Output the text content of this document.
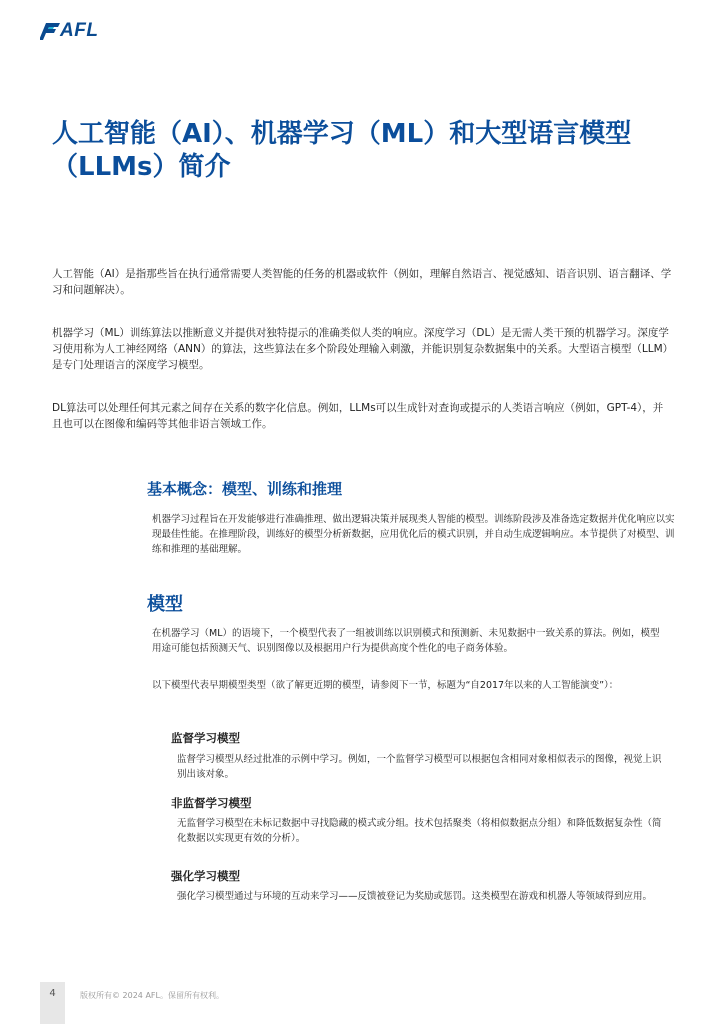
AFL
人工智能（AI）、机器学习（ML）和大型语言模型（LLMs）简介
人工智能（AI）是指那些旨在执行通常需要人类智能的任务的机器或软件（例如，理解自然语言、视觉感知、语音识别、语言翻译、学习和问题解决）。
机器学习（ML）训练算法以推断意义并提供对独特提示的准确类似人类的响应。深度学习（DL）是无需人类干预的机器学习。深度学习使用称为人工神经网络（ANN）的算法，这些算法在多个阶段处理输入刺激，并能识别复杂数据集中的关系。大型语言模型（LLM）是专门处理语言的深度学习模型。
DL算法可以处理任何其元素之间存在关系的数字化信息。例如，LLMs可以生成针对查询或提示的人类语言响应（例如，GPT-4），并且也可以在图像和编码等其他非语言领域工作。
基本概念：模型、训练和推理
机器学习过程旨在开发能够进行准确推理、做出逻辑决策并展现类人智能的模型。训练阶段涉及准备选定数据并优化响应以实现最佳性能。在推理阶段，训练好的模型分析新数据，应用优化后的模式识别，并自动生成逻辑响应。本节提供了对模型、训练和推理的基础理解。
模型
在机器学习（ML）的语境下，一个模型代表了一组被训练以识别模式和预测新、未见数据中一致关系的算法。例如，模型用途可能包括预测天气、识别图像以及根据用户行为提供高度个性化的电子商务体验。
以下模型代表早期模型类型（欲了解更近期的模型，请参阅下一节，标题为“自2017年以来的人工智能演变”）：
监督学习模型
监督学习模型从经过批准的示例中学习。例如，一个监督学习模型可以根据包含相同对象相似表示的图像，视觉上识别出该对象。
非监督学习模型
无监督学习模型在未标记数据中寻找隐藏的模式或分组。技术包括聚类（将相似数据点分组）和降低数据复杂性（简化数据以实现更有效的分析）。
强化学习模型
强化学习模型通过与环境的互动来学习——反馈被登记为奖励或惩罚。这类模型在游戏和机器人等领域得到应用。
4	版权所有© 2024 AFL。保留所有权利。
